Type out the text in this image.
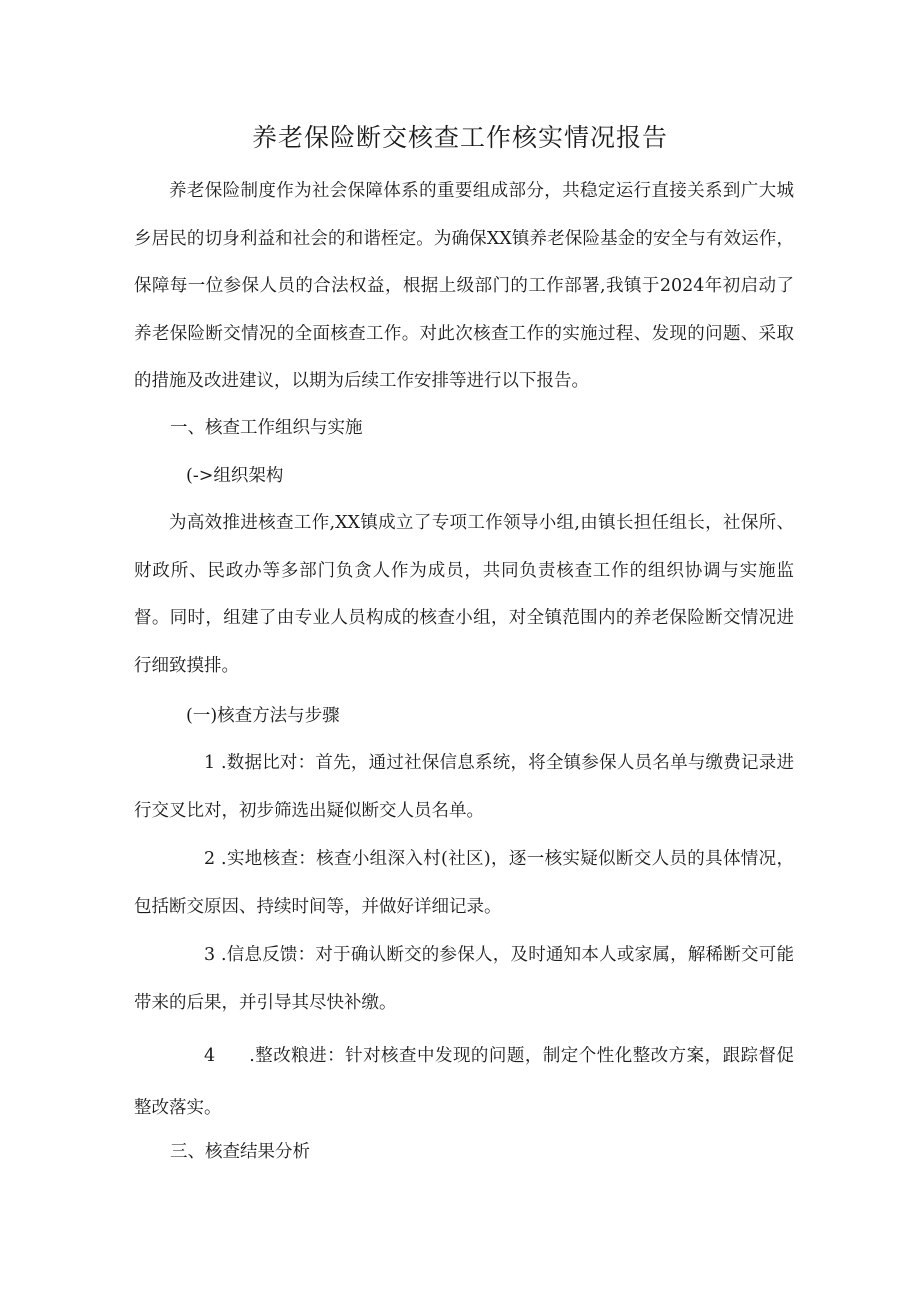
养老保险断交核查工作核实情况报告
养老保险制度作为社会保障体系的重要组成部分，共稳定运行直接关系到广大城乡居民的切身利益和社会的和谐桎定。为确保XX镇养老保险基金的安全与有效运作，保障每一位参保人员的合法权益，根据上级部门的工作部署,我镇于2024年初启动了养老保险断交情况的全面核查工作。对此次核查工作的实施过程、发现的问题、采取的措施及改进建议，以期为后续工作安排等进行以下报告。
一、核查工作组织与实施
(->组织架构
为高效推进核查工作,XX镇成立了专项工作领导小组,由镇长担任组长，社保所、财政所、民政办等多部门负贪人作为成员，共同负责核查工作的组织协调与实施监督。同时，组建了由专业人员构成的核查小组，对全镇范围内的养老保险断交情况进行细致摸排。
(一)核查方法与步骤
1 .数据比对：首先，通过社保信息系统，将全镇参保人员名单与缴费记录进行交叉比对，初步筛选出疑似断交人员名单。
2 .实地核查：核查小组深入村(社区)，逐一核实疑似断交人员的具体情况，包括断交原因、持续时间等，并做好详细记录。
3 .信息反馈：对于确认断交的参保人，及时通知本人或家属，解稀断交可能带来的后果，并引导其尽快补缴。
4 .整改粮进：针对核查中发现的问题，制定个性化整改方案，跟踪督促整改落实。
三、核查结果分析
